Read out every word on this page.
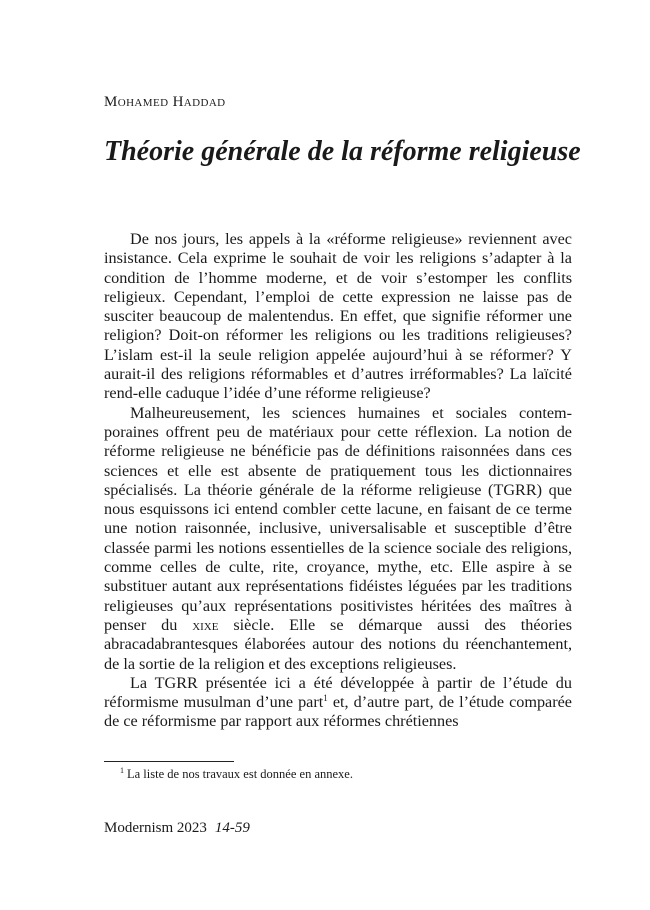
Mohamed Haddad
Théorie générale de la réforme religieuse

De nos jours, les appels à la «réforme religieuse» reviennent avec insistance. Cela exprime le souhait de voir les religions s’adapter à la condition de l’homme moderne, et de voir s’estomper les conflits religieux. Cependant, l’emploi de cette expression ne laisse pas de susciter beaucoup de malentendus. En effet, que signifie réformer une religion? Doit-on réformer les religions ou les traditions religieuses? L’islam est-il la seule religion appelée aujourd’hui à se réformer? Y aurait-il des religions réformables et d’autres irréformables? La laïcité rend-elle caduque l’idée d’une réforme religieuse?

Malheureusement, les sciences humaines et sociales contemporaines offrent peu de matériaux pour cette réflexion. La notion de réforme religieuse ne bénéficie pas de définitions raisonnées dans ces sciences et elle est absente de pratiquement tous les dictionnaires spécialisés. La théorie générale de la réforme religieuse (TGRR) que nous esquissons ici entend combler cette lacune, en faisant de ce terme une notion raisonnée, inclusive, universalisable et susceptible d’être classée parmi les notions essentielles de la science sociale des religions, comme celles de culte, rite, croyance, mythe, etc. Elle aspire à se substituer autant aux représentations fidéistes léguées par les traditions religieuses qu’aux représentations positivistes héritées des maîtres à penser du xixe siècle. Elle se démarque aussi des théories abracadabrantesques élaborées autour des notions du réenchantement, de la sortie de la religion et des exceptions religieuses.

La TGRR présentée ici a été développée à partir de l’étude du réformisme musulman d’une part$^1$ et, d’autre part, de l’étude comparée de ce réformisme par rapport aux réformes chrétiennes

$^1$ La liste de nos travaux est donnée en annexe.
Modernism 2023 14-59
